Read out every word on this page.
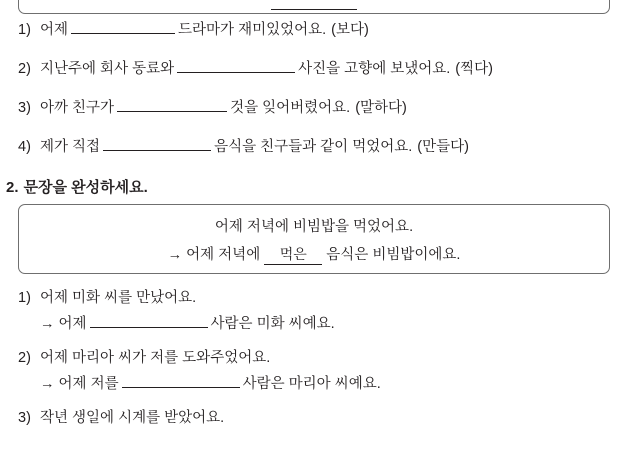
1) 어제	드라마가 재미있었어요. (보다)
2) 지난주에 회사 동료와	사진을 고향에 보냈어요. (찍다)
3) 아까 친구가	것을 잊어버렸어요. (말하다)
4) 제가 직접	음식을 친구들과 같이 먹었어요. (만들다)
2. 문장을 완성하세요.
어제 저녁에 비빔밥을 먹었어요.
→ 어제 저녁에 먹은 음식은 비빔밥이에요.
1) 어제 미화 씨를 만났어요.
→ 어제	사람은 미화 씨예요.
2) 어제 마리아 씨가 저를 도와주었어요.
→ 어제 저를	사람은 마리아 씨예요.
3) 작년 생일에 시계를 받았어요.
